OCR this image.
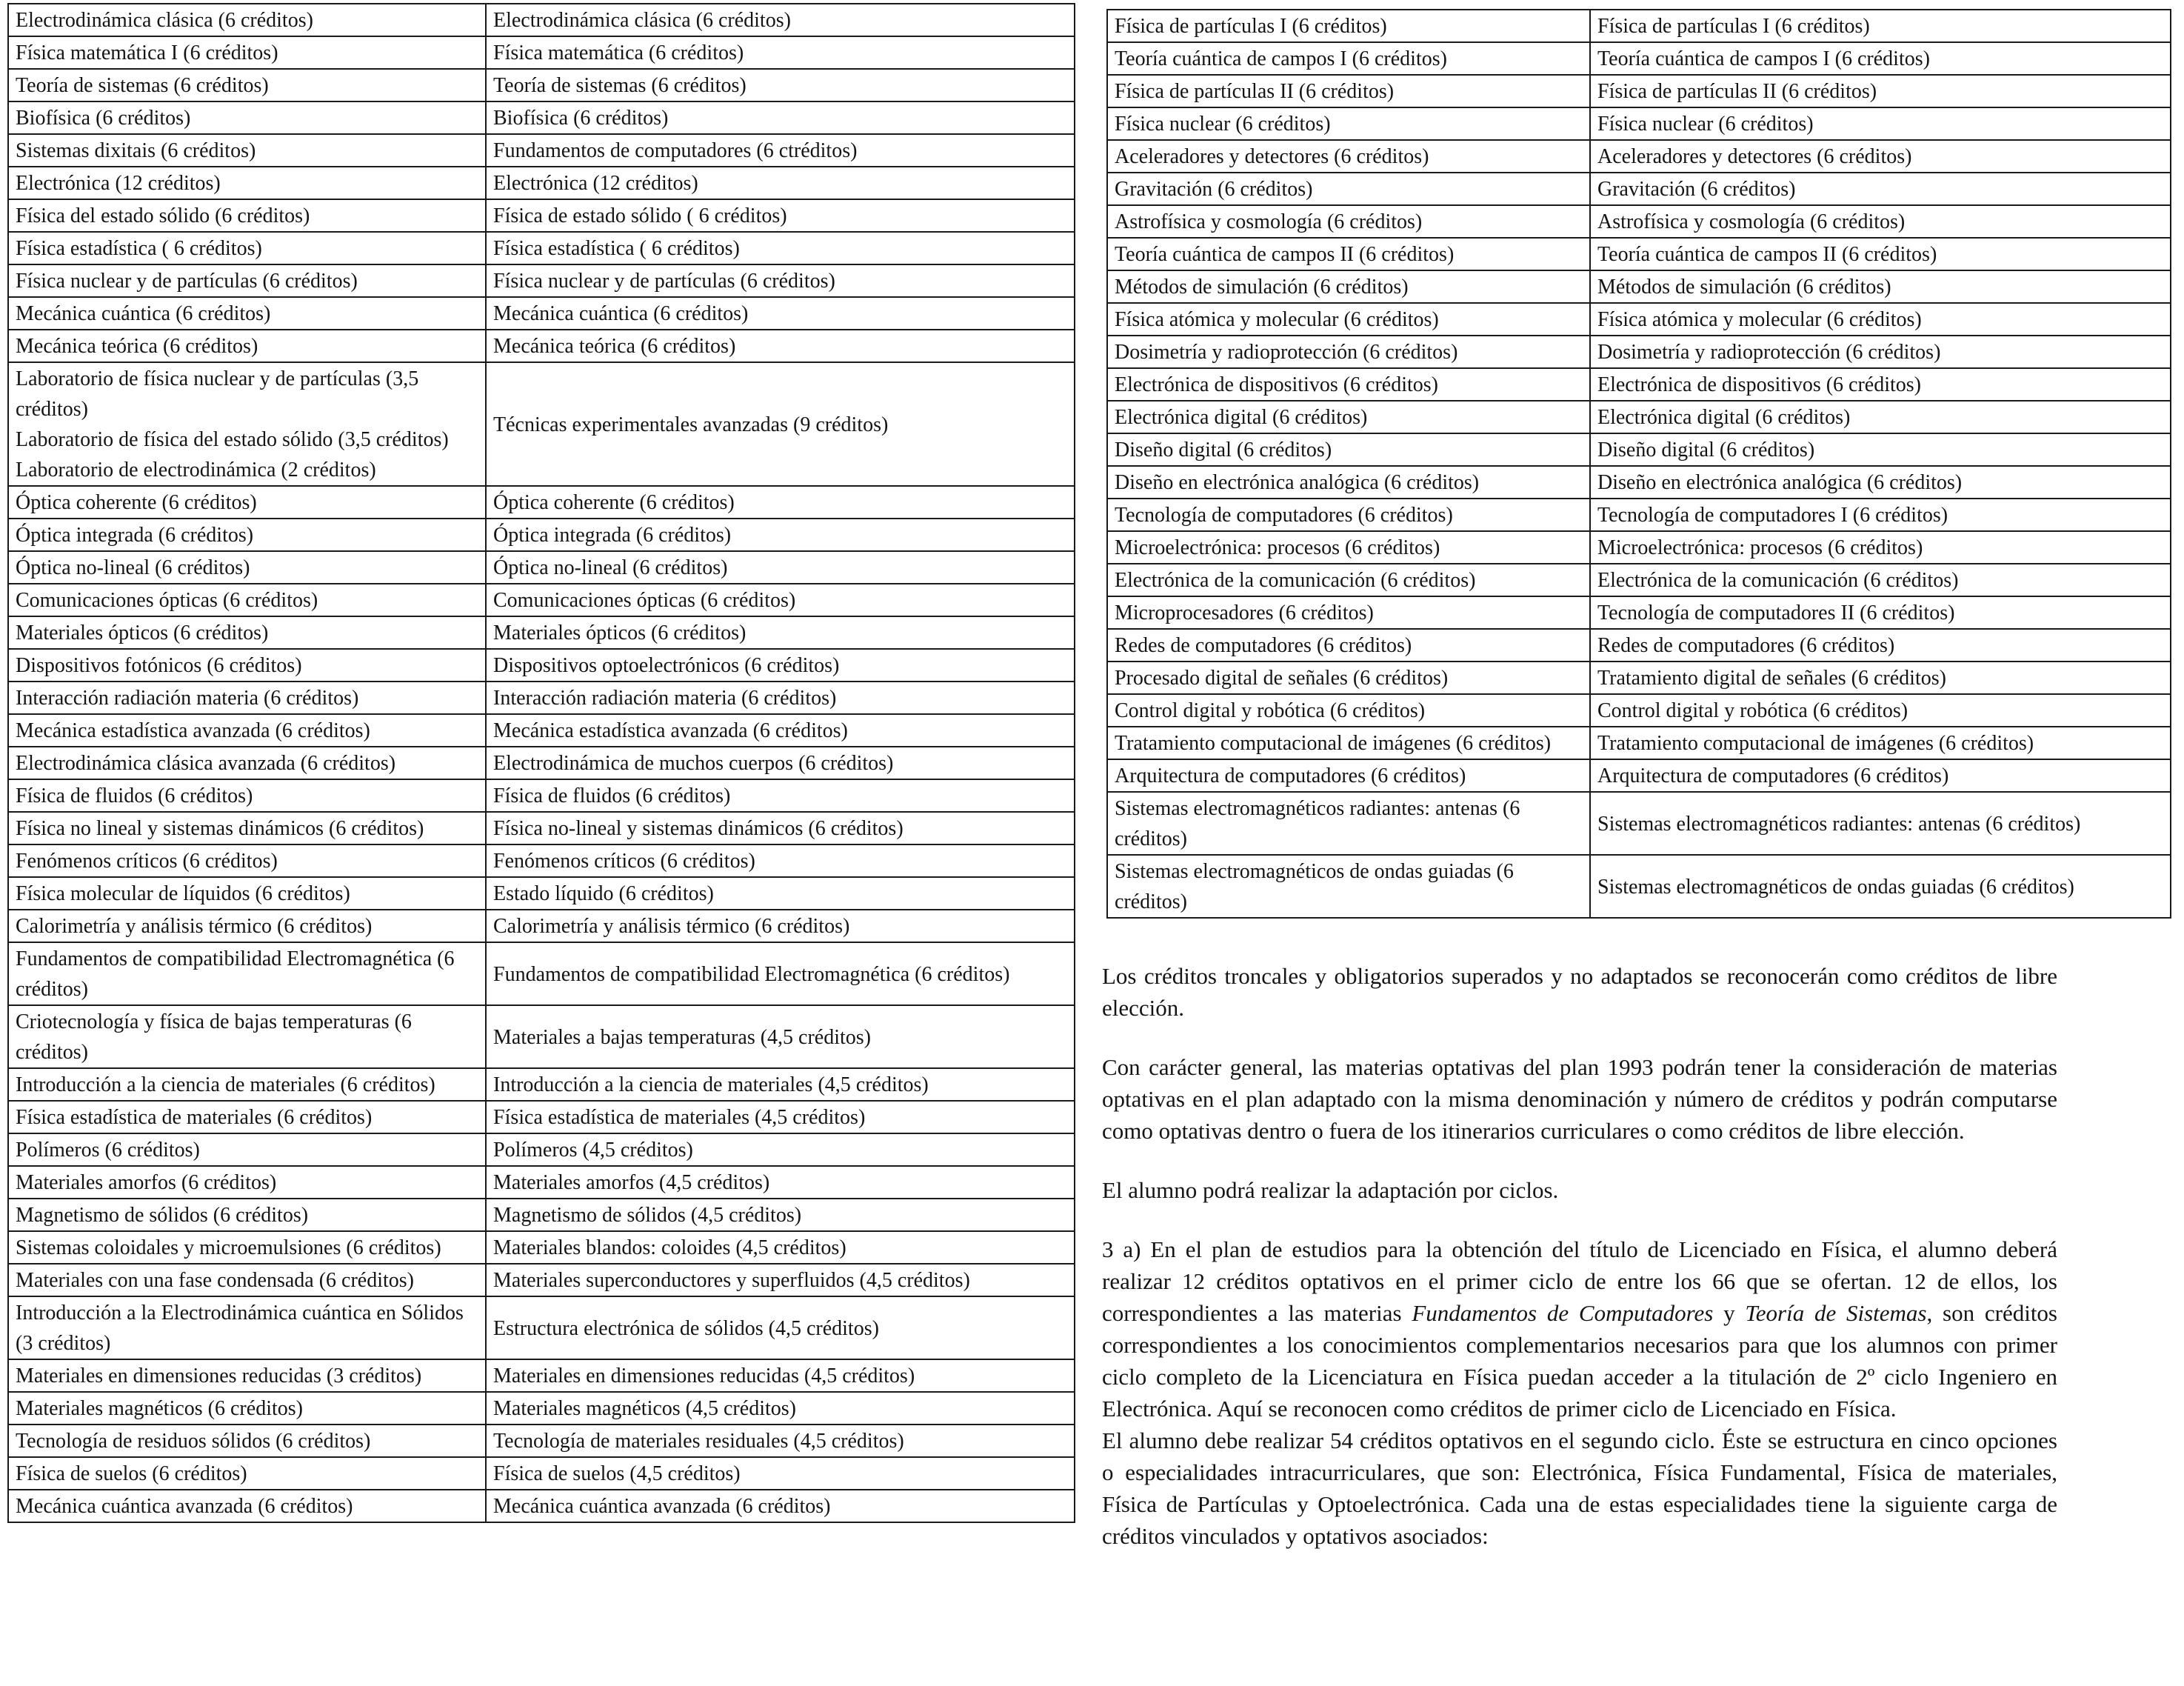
Electrodinámica clásica (6 créditos)	Electrodinámica clásica (6 créditos)
Física matemática I (6 créditos)	Física matemática (6 créditos)
Teoría de sistemas (6 créditos)	Teoría de sistemas (6 créditos)
Biofísica (6 créditos)	Biofísica (6 créditos)
Sistemas dixitais (6 créditos)	Fundamentos de computadores (6 ctréditos)
Electrónica (12 créditos)	Electrónica (12 créditos)
Física del estado sólido (6 créditos)	Física de estado sólido ( 6 créditos)
Física estadística ( 6 créditos)	Física estadística ( 6 créditos)
Física nuclear y de partículas (6 créditos)	Física nuclear y de partículas (6 créditos)
Mecánica cuántica (6 créditos)	Mecánica cuántica (6 créditos)
Mecánica teórica (6 créditos)	Mecánica teórica (6 créditos)
Laboratorio de física nuclear y de partículas (3,5 créditos)
Laboratorio de física del estado sólido (3,5 créditos)
Laboratorio de electrodinámica (2 créditos)	Técnicas experimentales avanzadas (9 créditos)
Óptica coherente (6 créditos)	Óptica coherente (6 créditos)
Óptica integrada (6 créditos)	Óptica integrada (6 créditos)
Óptica no-lineal (6 créditos)	Óptica no-lineal (6 créditos)
Comunicaciones ópticas (6 créditos)	Comunicaciones ópticas (6 créditos)
Materiales ópticos (6 créditos)	Materiales ópticos (6 créditos)
Dispositivos fotónicos (6 créditos)	Dispositivos optoelectrónicos (6 créditos)
Interacción radiación materia (6 créditos)	Interacción radiación materia (6 créditos)
Mecánica estadística avanzada (6 créditos)	Mecánica estadística avanzada (6 créditos)
Electrodinámica clásica avanzada (6 créditos)	Electrodinámica de muchos cuerpos (6 créditos)
Física de fluidos (6 créditos)	Física de fluidos (6 créditos)
Física no lineal y sistemas dinámicos (6 créditos)	Física no-lineal y sistemas dinámicos (6 créditos)
Fenómenos críticos (6 créditos)	Fenómenos críticos (6 créditos)
Física molecular de líquidos (6 créditos)	Estado líquido (6 créditos)
Calorimetría y análisis térmico (6 créditos)	Calorimetría y análisis térmico (6 créditos)
Fundamentos de compatibilidad Electromagnética (6 créditos)	Fundamentos de compatibilidad Electromagnética (6 créditos)
Criotecnología y física de bajas temperaturas (6 créditos)	Materiales a bajas temperaturas (4,5 créditos)
Introducción a la ciencia de materiales (6 créditos)	Introducción a la ciencia de materiales (4,5 créditos)
Física estadística de materiales (6 créditos)	Física estadística de materiales (4,5 créditos)
Polímeros (6 créditos)	Polímeros (4,5 créditos)
Materiales amorfos (6 créditos)	Materiales amorfos (4,5 créditos)
Magnetismo de sólidos (6 créditos)	Magnetismo de sólidos (4,5 créditos)
Sistemas coloidales y microemulsiones (6 créditos)	Materiales blandos: coloides (4,5 créditos)
Materiales con una fase condensada (6 créditos)	Materiales superconductores y superfluidos (4,5 créditos)
Introducción a la Electrodinámica cuántica en Sólidos (3 créditos)	Estructura electrónica de sólidos (4,5 créditos)
Materiales en dimensiones reducidas (3 créditos)	Materiales en dimensiones reducidas (4,5 créditos)
Materiales magnéticos (6 créditos)	Materiales magnéticos (4,5 créditos)
Tecnología de residuos sólidos (6 créditos)	Tecnología de materiales residuales (4,5 créditos)
Física de suelos (6 créditos)	Física de suelos (4,5 créditos)
Mecánica cuántica avanzada (6 créditos)	Mecánica cuántica avanzada (6 créditos)
Física de partículas I (6 créditos)	Física de partículas I (6 créditos)
Teoría cuántica de campos I (6 créditos)	Teoría cuántica de campos I (6 créditos)
Física de partículas II (6 créditos)	Física de partículas II (6 créditos)
Física nuclear (6 créditos)	Física nuclear (6 créditos)
Aceleradores y detectores (6 créditos)	Aceleradores y detectores (6 créditos)
Gravitación (6 créditos)	Gravitación (6 créditos)
Astrofísica y cosmología (6 créditos)	Astrofísica y cosmología (6 créditos)
Teoría cuántica de campos II (6 créditos)	Teoría cuántica de campos II (6 créditos)
Métodos de simulación (6 créditos)	Métodos de simulación (6 créditos)
Física atómica y molecular (6 créditos)	Física atómica y molecular (6 créditos)
Dosimetría y radioprotección (6 créditos)	Dosimetría y radioprotección (6 créditos)
Electrónica de dispositivos (6 créditos)	Electrónica de dispositivos (6 créditos)
Electrónica digital (6 créditos)	Electrónica digital (6 créditos)
Diseño digital (6 créditos)	Diseño digital (6 créditos)
Diseño en electrónica analógica (6 créditos)	Diseño en electrónica analógica (6 créditos)
Tecnología de computadores (6 créditos)	Tecnología de computadores I (6 créditos)
Microelectrónica: procesos (6 créditos)	Microelectrónica: procesos (6 créditos)
Electrónica de la comunicación (6 créditos)	Electrónica de la comunicación (6 créditos)
Microprocesadores (6 créditos)	Tecnología de computadores II (6 créditos)
Redes de computadores (6 créditos)	Redes de computadores (6 créditos)
Procesado digital de señales (6 créditos)	Tratamiento digital de señales (6 créditos)
Control digital y robótica (6 créditos)	Control digital y robótica (6 créditos)
Tratamiento computacional de imágenes (6 créditos)	Tratamiento computacional de imágenes (6 créditos)
Arquitectura de computadores (6 créditos)	Arquitectura de computadores (6 créditos)
Sistemas electromagnéticos radiantes: antenas (6 créditos)	Sistemas electromagnéticos radiantes: antenas (6 créditos)
Sistemas electromagnéticos de ondas guiadas (6 créditos)	Sistemas electromagnéticos de ondas guiadas (6 créditos)

Los créditos troncales y obligatorios superados y no adaptados se reconocerán como créditos de libre elección.

Con carácter general, las materias optativas del plan 1993 podrán tener la consideración de materias optativas en el plan adaptado con la misma denominación y número de créditos y podrán computarse como optativas dentro o fuera de los itinerarios curriculares o como créditos de libre elección.

El alumno podrá realizar la adaptación por ciclos.

3 a) En el plan de estudios para la obtención del título de Licenciado en Física, el alumno deberá realizar 12 créditos optativos en el primer ciclo de entre los 66 que se ofertan. 12 de ellos, los correspondientes a las materias Fundamentos de Computadores y Teoría de Sistemas, son créditos correspondientes a los conocimientos complementarios necesarios para que los alumnos con primer ciclo completo de la Licenciatura en Física puedan acceder a la titulación de 2º ciclo Ingeniero en Electrónica. Aquí se reconocen como créditos de primer ciclo de Licenciado en Física.

El alumno debe realizar 54 créditos optativos en el segundo ciclo. Éste se estructura en cinco opciones o especialidades intracurriculares, que son: Electrónica, Física Fundamental, Física de materiales, Física de Partículas y Optoelectrónica. Cada una de estas especialidades tiene la siguiente carga de créditos vinculados y optativos asociados:
